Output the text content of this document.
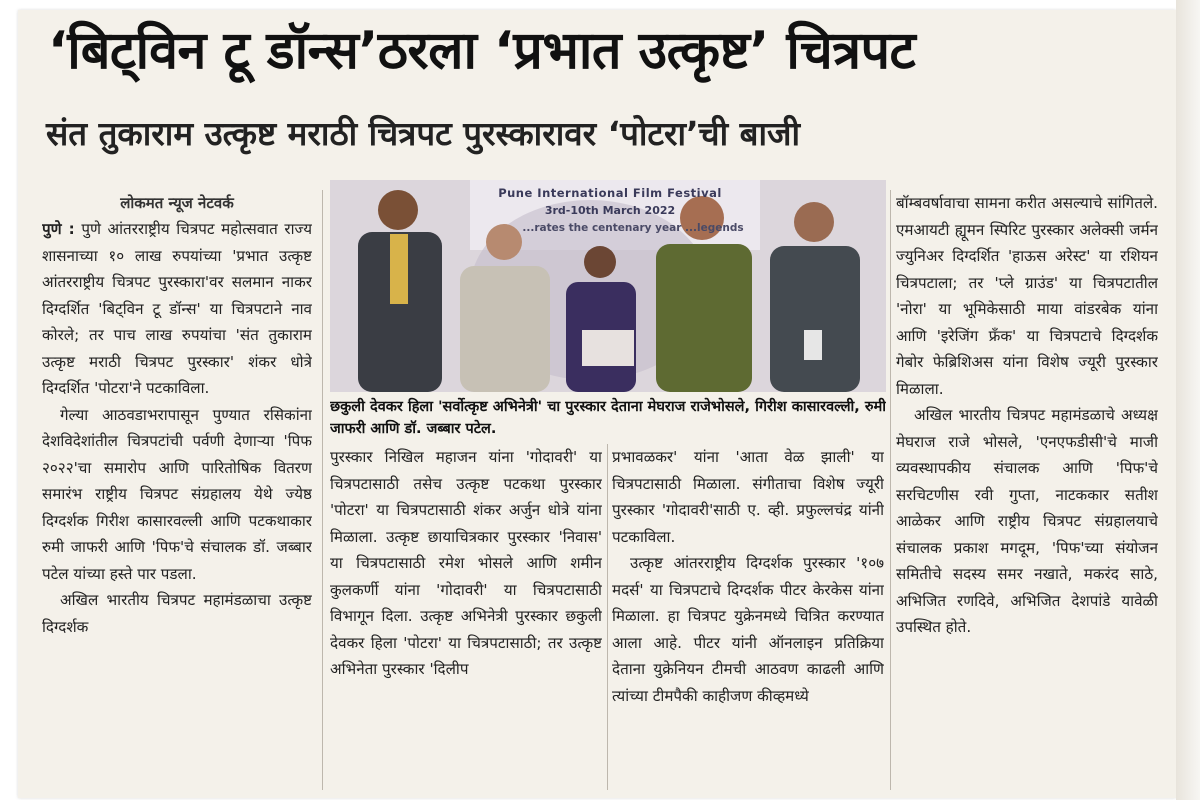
‘बिट्विन टू डॉन्स’ठरला ‘प्रभात उत्कृष्ट’ चित्रपट
संत तुकाराम उत्कृष्ट मराठी चित्रपट पुरस्कारावर ‘पोटरा’ची बाजी
लोकमत न्यूज नेटवर्क

पुणे : पुणे आंतरराष्ट्रीय चित्रपट महोत्सवात राज्य शासनाच्या १० लाख रुपयांच्या 'प्रभात उत्कृष्ट आंतरराष्ट्रीय चित्रपट पुरस्कारा'वर सलमान नाकर दिग्दर्शित 'बिट्विन टू डॉन्स' या चित्रपटाने नाव कोरले; तर पाच लाख रुपयांचा 'संत तुकाराम उत्कृष्ट मराठी चित्रपट पुरस्कार' शंकर धोत्रे दिग्दर्शित 'पोटरा'ने पटकाविला.

गेल्या आठवडाभरापासून पुण्यात रसिकांना देशविदेशांतील चित्रपटांची पर्वणी देणाऱ्या 'पिफ २०२२'चा समारोप आणि पारितोषिक वितरण समारंभ राष्ट्रीय चित्रपट संग्रहालय येथे ज्येष्ठ दिग्दर्शक गिरीश कासारवल्ली आणि पटकथाकार रुमी जाफरी आणि 'पिफ'चे संचालक डॉ. जब्बार पटेल यांच्या हस्ते पार पडला.

अखिल भारतीय चित्रपट महामंडळाचा उत्कृष्ट दिग्दर्शक

Pune International Film Festival
3rd-10th March 2022
...rates the centenary year ...legends
छकुली देवकर हिला 'सर्वोत्कृष्ट अभिनेत्री' चा पुरस्कार देताना मेघराज राजेभोसले, गिरीश कासारवल्ली, रुमी जाफरी आणि डॉ. जब्बार पटेल.

पुरस्कार निखिल महाजन यांना 'गोदावरी' या चित्रपटासाठी तसेच उत्कृष्ट पटकथा पुरस्कार 'पोटरा' या चित्रपटासाठी शंकर अर्जुन धोत्रे यांना मिळाला. उत्कृष्ट छायाचित्रकार पुरस्कार 'निवास' या चित्रपटासाठी रमेश भोसले आणि शमीन कुलकर्णी यांना 'गोदावरी' या चित्रपटासाठी विभागून दिला. उत्कृष्ट अभिनेत्री पुरस्कार छकुली देवकर हिला 'पोटरा' या चित्रपटासाठी; तर उत्कृष्ट अभिनेता पुरस्कार 'दिलीप

प्रभावळकर' यांना 'आता वेळ झाली' या चित्रपटासाठी मिळाला. संगीताचा विशेष ज्यूरी पुरस्कार 'गोदावरी'साठी ए. व्ही. प्रफुल्लचंद्र यांनी पटकाविला.

उत्कृष्ट आंतरराष्ट्रीय दिग्दर्शक पुरस्कार '१०७ मदर्स' या चित्रपटाचे दिग्दर्शक पीटर केरकेस यांना मिळाला. हा चित्रपट युक्रेनमध्ये चित्रित करण्यात आला आहे. पीटर यांनी ऑनलाइन प्रतिक्रिया देताना युक्रेनियन टीमची आठवण काढली आणि त्यांच्या टीमपैकी काहीजण कीव्हमध्ये

बॉम्बवर्षावाचा सामना करीत असल्याचे सांगितले. एमआयटी ह्यूमन स्पिरिट पुरस्कार अलेक्सी जर्मन ज्युनिअर दिग्दर्शित 'हाऊस अरेस्ट' या रशियन चित्रपटाला; तर 'प्ले ग्राउंड' या चित्रपटातील 'नोरा' या भूमिकेसाठी माया वांडरबेक यांना आणि 'इरेजिंग फ्रँक' या चित्रपटाचे दिग्दर्शक गेबोर फेब्रिशिअस यांना विशेष ज्यूरी पुरस्कार मिळाला.

अखिल भारतीय चित्रपट महामंडळाचे अध्यक्ष मेघराज राजे भोसले, 'एनएफडीसी'चे माजी व्यवस्थापकीय संचालक आणि 'पिफ'चे सरचिटणीस रवी गुप्ता, नाटककार सतीश आळेकर आणि राष्ट्रीय चित्रपट संग्रहालयाचे संचालक प्रकाश मगदूम, 'पिफ'च्या संयोजन समितीचे सदस्य समर नखाते, मकरंद साठे, अभिजित रणदिवे, अभिजित देशपांडे यावेळी उपस्थित होते.
